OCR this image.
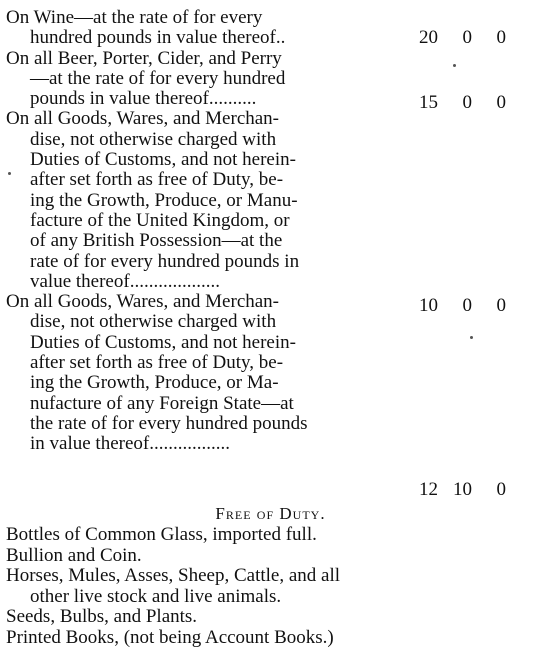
On Wine—at the rate of for every
hundred pounds in value thereof..
On all Beer, Porter, Cider, and Perry
—at the rate of for every hundred
pounds in value thereof..........
On all Goods, Wares, and Merchan-
dise, not otherwise charged with
Duties of Customs, and not herein-
after set forth as free of Duty, be-
ing the Growth, Produce, or Manu-
facture of the United Kingdom, or
of any British Possession—at the
rate of for every hundred pounds in
value thereof...................
On all Goods, Wares, and Merchan-
dise, not otherwise charged with
Duties of Customs, and not herein-
after set forth as free of Duty, be-
ing the Growth, Produce, or Ma-
nufacture of any Foreign State—at
the rate of for every hundred pounds
in value thereof.................
20 0 0
15 0 0
10 0 0
12 10 0
Free of Duty.
Bottles of Common Glass, imported full.
Bullion and Coin.
Horses, Mules, Asses, Sheep, Cattle, and all
other live stock and live animals.
Seeds, Bulbs, and Plants.
Printed Books, (not being Account Books.)
